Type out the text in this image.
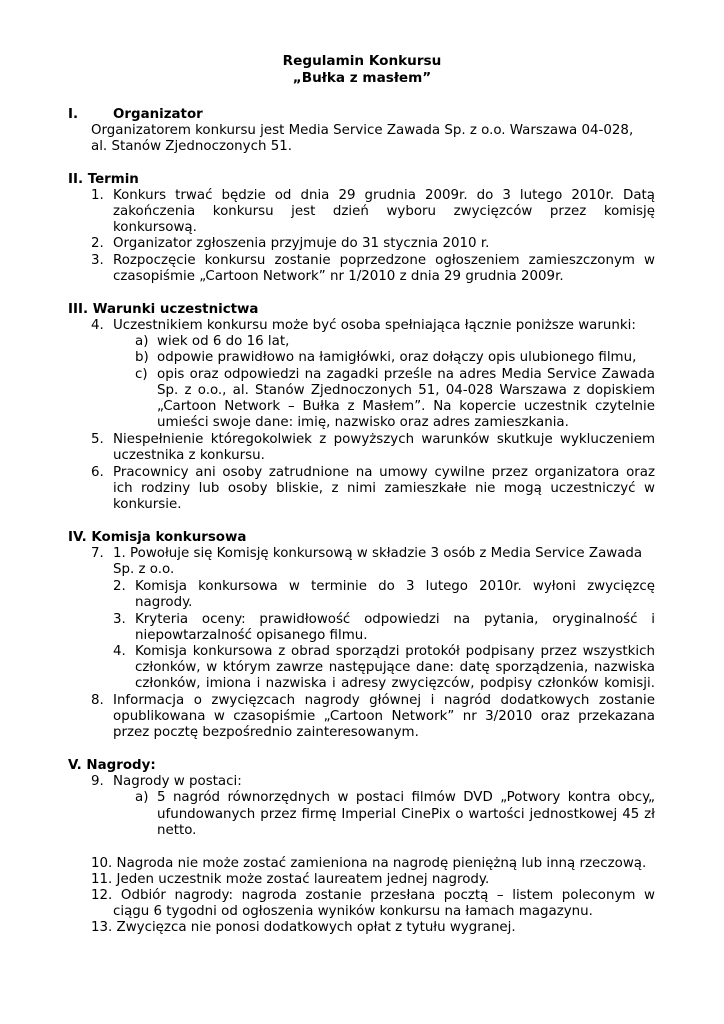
Regulamin Konkursu
„Bułka z masłem”
I.	Organizator
Organizatorem konkursu jest Media Service Zawada Sp. z o.o. Warszawa 04-028,
al. Stanów Zjednoczonych 51.
II. Termin
1. Konkurs trwać będzie od dnia 29 grudnia 2009r. do 3 lutego 2010r. Datą
zakończenia konkursu jest dzień wyboru zwycięzców przez komisję
konkursową.
2. Organizator zgłoszenia przyjmuje do 31 stycznia 2010 r.
3. Rozpoczęcie konkursu zostanie poprzedzone ogłoszeniem zamieszczonym w
czasopiśmie „Cartoon Network” nr 1/2010 z dnia 29 grudnia 2009r.
III. Warunki uczestnictwa
4. Uczestnikiem konkursu może być osoba spełniająca łącznie poniższe warunki:
a) wiek od 6 do 16 lat,
b) odpowie prawidłowo na łamigłówki, oraz dołączy opis ulubionego filmu,
c) opis oraz odpowiedzi na zagadki prześle na adres Media Service Zawada
Sp. z o.o., al. Stanów Zjednoczonych 51, 04-028 Warszawa z dopiskiem
„Cartoon Network – Bułka z Masłem”. Na kopercie uczestnik czytelnie
umieści swoje dane: imię, nazwisko oraz adres zamieszkania.
5. Niespełnienie któregokolwiek z powyższych warunków skutkuje wykluczeniem
uczestnika z konkursu.
6. Pracownicy ani osoby zatrudnione na umowy cywilne przez organizatora oraz
ich rodziny lub osoby bliskie, z nimi zamieszkałe nie mogą uczestniczyć w
konkursie.
IV. Komisja konkursowa
7. 1. Powołuje się Komisję konkursową w składzie 3 osób z Media Service Zawada
Sp. z o.o.
2. Komisja konkursowa w terminie do 3 lutego 2010r. wyłoni zwycięzcę
nagrody.
3. Kryteria oceny: prawidłowość odpowiedzi na pytania, oryginalność i
niepowtarzalność opisanego filmu.
4. Komisja konkursowa z obrad sporządzi protokół podpisany przez wszystkich
członków, w którym zawrze następujące dane: datę sporządzenia, nazwiska
członków, imiona i nazwiska i adresy zwycięzców, podpisy członków komisji.
8. Informacja o zwycięzcach nagrody głównej i nagród dodatkowych zostanie
opublikowana w czasopiśmie „Cartoon Network” nr 3/2010 oraz przekazana
przez pocztę bezpośrednio zainteresowanym.
V. Nagrody:
9. Nagrody w postaci:
a) 5 nagród równorzędnych w postaci filmów DVD „Potwory kontra obcy„
ufundowanych przez firmę Imperial CinePix o wartości jednostkowej 45 zł
netto.
10. Nagroda nie może zostać zamieniona na nagrodę pieniężną lub inną rzeczową.
11. Jeden uczestnik może zostać laureatem jednej nagrody.
12. Odbiór nagrody: nagroda zostanie przesłana pocztą – listem poleconym w
ciągu 6 tygodni od ogłoszenia wyników konkursu na łamach magazynu.
13. Zwycięzca nie ponosi dodatkowych opłat z tytułu wygranej.
